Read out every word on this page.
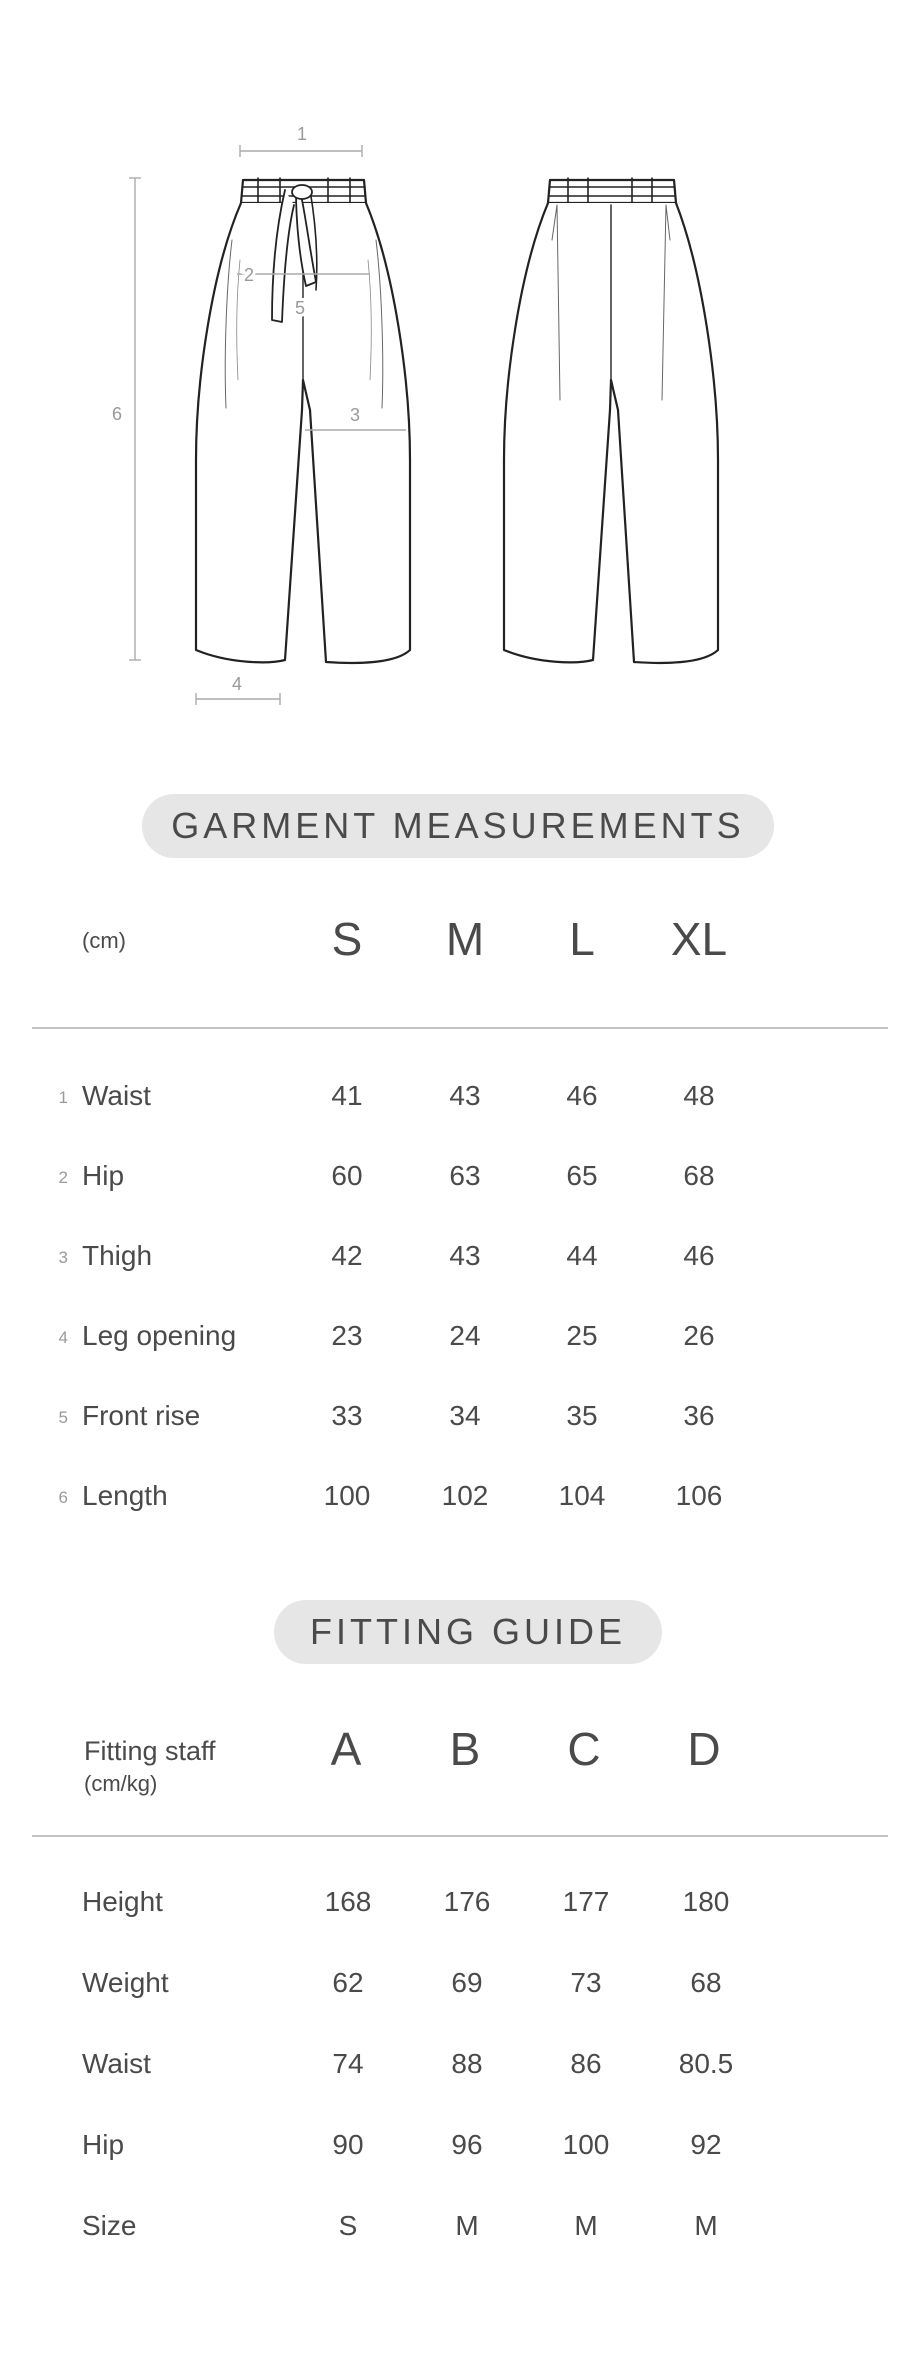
1
2
3
4
5
6
GARMENT MEASUREMENTS
(cm)	S	M	L	XL
1 Waist	41	43	46	48
2 Hip	60	63	65	68
3 Thigh	42	43	44	46
4 Leg opening	23	24	25	26
5 Front rise	33	34	35	36
6 Length	100	102	104	106
FITTING GUIDE
Fitting staff
(cm/kg)
A	B	C	D
Height	168	176	177	180
Weight	62	69	73	68
Waist	74	88	86	80.5
Hip	90	96	100	92
Size	S	M	M	M
